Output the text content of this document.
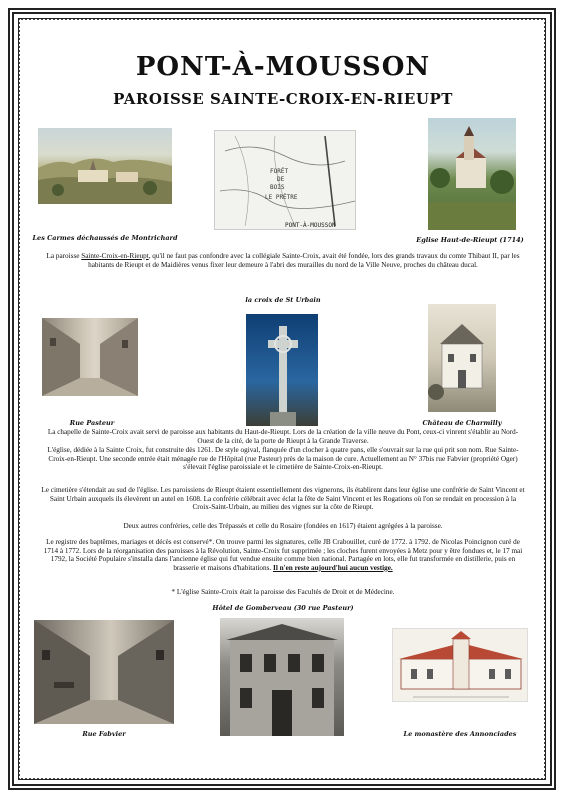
PONT-À-MOUSSON
PAROISSE SAINTE-CROIX-EN-RIEUPT
Les Carmes déchaussés de Montrichard
FORÊT
DE
BOIS
LE PRÊTRE
PONT-À-MOUSSON
Eglise Haut-de-Rieupt (1714)
La paroisse Sainte-Croix-en-Rieupt, qu'il ne faut pas confondre avec la collégiale Sainte-Croix, avait été fondée, lors des grands travaux du comte Thibaut II, par les habitants de Rieupt et de Maidières venus fixer leur demeure à l'abri des murailles du nord de la Ville Neuve, proches du château ducal.
la croix de St Urbain
Rue Pasteur	Château de Charmilly
La chapelle de Sainte-Croix avait servi de paroisse aux habitants du Haut-de-Rieupt. Lors de la création de la ville neuve du Pont, ceux-ci vinrent s'établir au Nord-Ouest de la cité, de la porte de Rieupt à la Grande Traverse.
L'église, dédiée à la Sainte Croix, fut construite dès 1261. De style ogival, flanquée d'un clocher à quatre pans, elle s'ouvrait sur la rue qui prit son nom. Rue Sainte-Croix-en-Rieupt. Une seconde entrée était ménagée rue de l'Hôpital (rue Pasteur) près de la maison de cure. Actuellement au N° 37bis rue Fabvier (propriété Oger) s'élevait l'église paroissiale et le cimetière de Sainte-Croix-en-Rieupt.
Le cimetière s'étendait au sud de l'église. Les paroissiens de Rieupt étaient essentiellement des vignerons, ils établirent dans leur église une confrérie de Saint Vincent et Saint Urbain auxquels ils élevèrent un autel en 1608. La confrérie célébrait avec éclat la fête de Saint Vincent et les Rogations où l'on se rendait en procession à la Croix-Saint-Urbain, au milieu des vignes sur la côte de Rieupt.
Deux autres confréries, celle des Trépassés et celle du Rosaire (fondées en 1617) étaient agrégées à la paroisse.
Le registre des baptêmes, mariages et décès est conservé*. On trouve parmi les signatures, celle JB Crabouillet, curé de 1772. à 1792. de Nicolas Poincignon curé de 1714 à 1772. Lors de la réorganisation des paroisses à la Révolution, Sainte-Croix fut supprimée ; les cloches furent envoyées à Metz pour y être fondues et, le 17 mai 1792, la Société Populaire s'installa dans l'ancienne église qui fut vendue ensuite comme bien national. Partagée en lots, elle fut transformée en distillerie, puis en brasserie et maisons d'habitations. Il n'en reste aujourd'hui aucun vestige.
* L'église Sainte-Croix était la paroisse des Facultés de Droit et de Médecine.
Hôtel de Gomberveau (30 rue Pasteur)
Rue Fabvier	Le monastère des Annonciades
